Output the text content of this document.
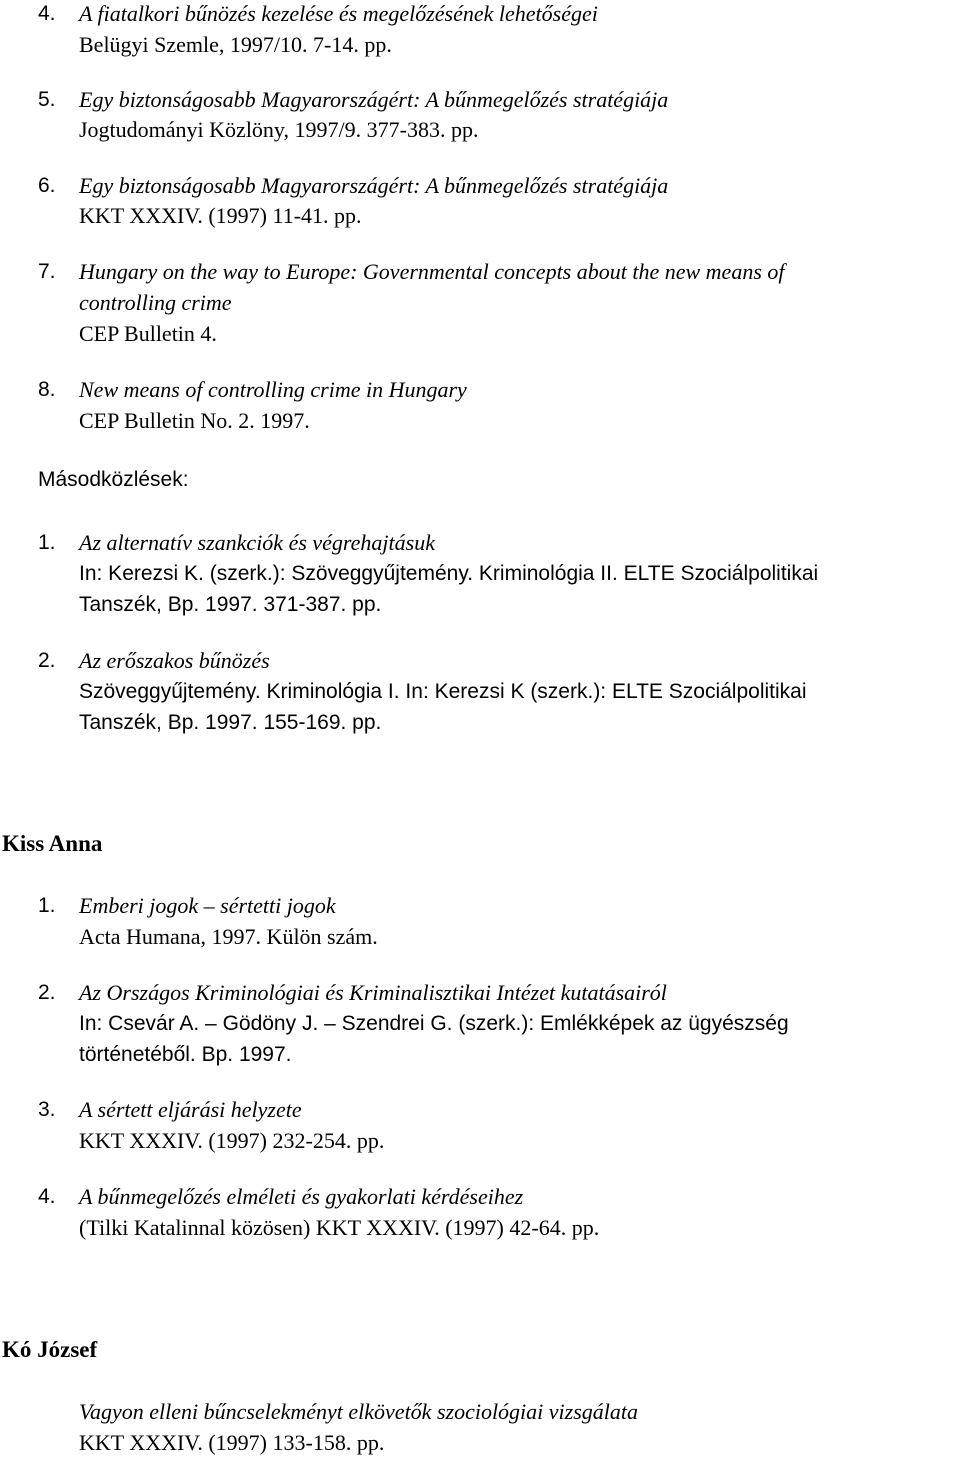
4. A fiatalkori bűnözés kezelése és megelőzésének lehetőségei
Belügyi Szemle, 1997/10. 7-14. pp.
5. Egy biztonságosabb Magyarországért: A bűnmegelőzés stratégiája
Jogtudományi Közlöny, 1997/9. 377-383. pp.
6. Egy biztonságosabb Magyarországért: A bűnmegelőzés stratégiája
KKT XXXIV. (1997) 11-41. pp.
7. Hungary on the way to Europe: Governmental concepts about the new means of
controlling crime
CEP Bulletin 4.
8. New means of controlling crime in Hungary
CEP Bulletin No. 2. 1997.
Másodközlések:
1. Az alternatív szankciók és végrehajtásuk
In: Kerezsi K. (szerk.): Szöveggyűjtemény. Kriminológia II. ELTE Szociálpolitikai
Tanszék, Bp. 1997. 371-387. pp.
2. Az erőszakos bűnözés
Szöveggyűjtemény. Kriminológia I. In: Kerezsi K (szerk.): ELTE Szociálpolitikai
Tanszék, Bp. 1997. 155-169. pp.
Kiss Anna
1. Emberi jogok – sértetti jogok
Acta Humana, 1997. Külön szám.
2. Az Országos Kriminológiai és Kriminalisztikai Intézet kutatásairól
In: Csevár A. – Gödöny J. – Szendrei G. (szerk.): Emlékképek az ügyészség
történetéből. Bp. 1997.
3. A sértett eljárási helyzete
KKT XXXIV. (1997) 232-254. pp.
4. A bűnmegelőzés elméleti és gyakorlati kérdéseihez
(Tilki Katalinnal közösen) KKT XXXIV. (1997) 42-64. pp.
Kó József
Vagyon elleni bűncselekményt elkövetők szociológiai vizsgálata
KKT XXXIV. (1997) 133-158. pp.
